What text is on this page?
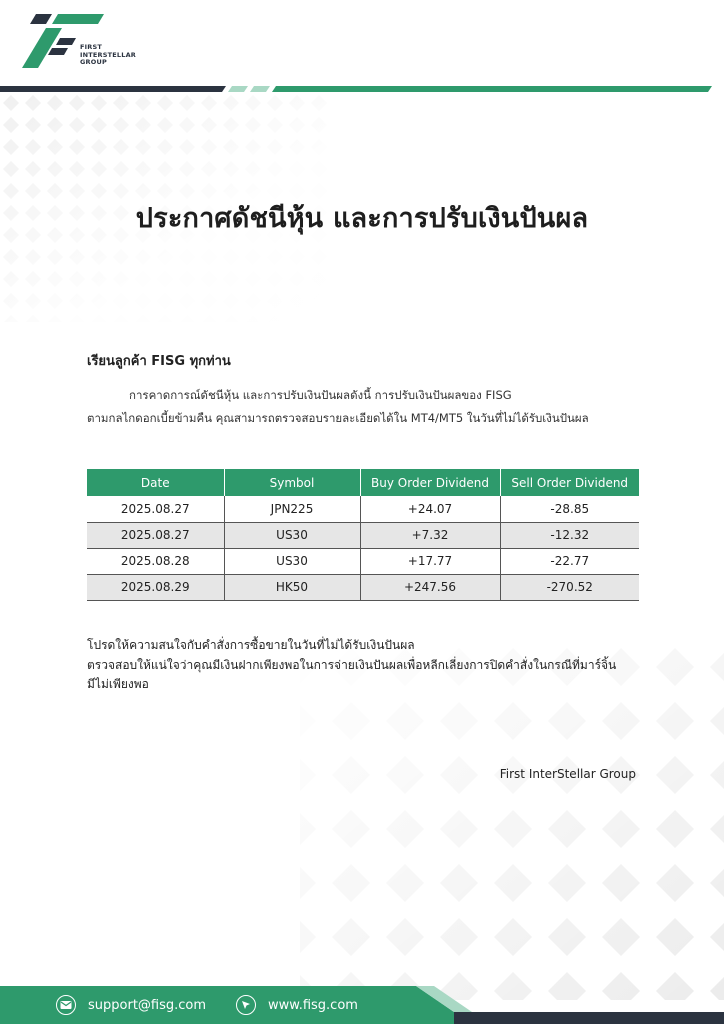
FIRST
INTERSTELLAR
GROUP
ประกาศดัชนีหุ้น และการปรับเงินปันผล
เรียนลูกค้า FISG ทุกท่าน
การคาดการณ์ดัชนีหุ้น และการปรับเงินปันผลดังนี้ การปรับเงินปันผลของ FISG
ตามกลไกดอกเบี้ยข้ามคืน คุณสามารถตรวจสอบรายละเอียดได้ใน MT4/MT5 ในวันที่ไม่ได้รับเงินปันผล
Date	Symbol	Buy Order Dividend	Sell Order Dividend
2025.08.27	JPN225	+24.07	-28.85
2025.08.27	US30	+7.32	-12.32
2025.08.28	US30	+17.77	-22.77
2025.08.29	HK50	+247.56	-270.52
โปรดให้ความสนใจกับคำสั่งการซื้อขายในวันที่ไม่ได้รับเงินปันผล
ตรวจสอบให้แน่ใจว่าคุณมีเงินฝากเพียงพอในการจ่ายเงินปันผลเพื่อหลีกเลี่ยงการปิดคำสั่งในกรณีที่มาร์จิ้น
มีไม่เพียงพอ
First InterStellar Group
support@fisg.com	www.fisg.com
